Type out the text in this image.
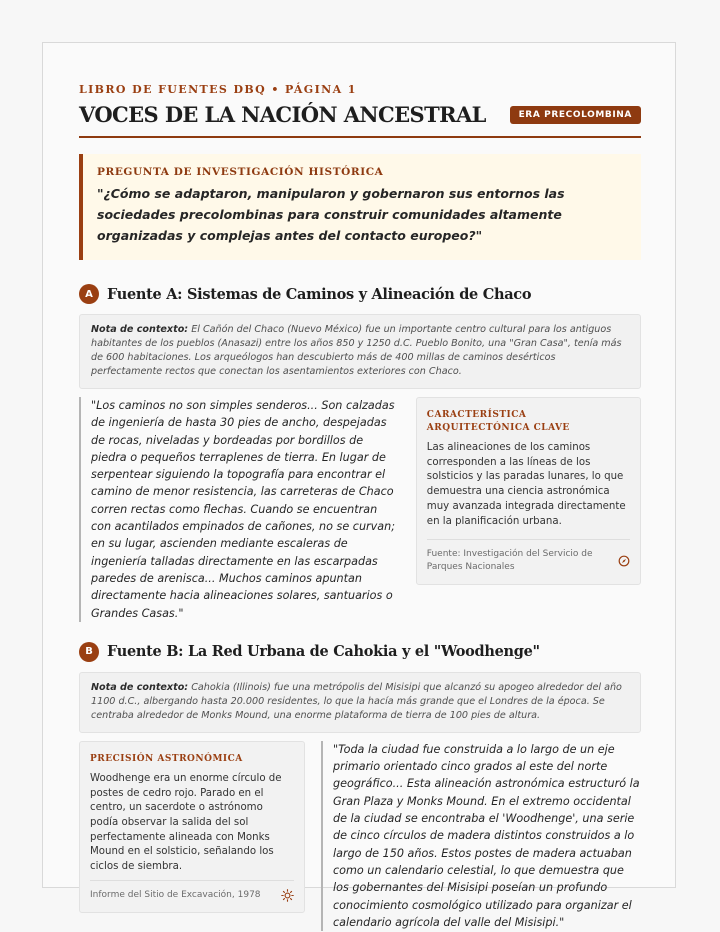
LIBRO DE FUENTES DBQ • PÁGINA 1
VOCES DE LA NACIÓN ANCESTRAL	ERA PRECOLOMBINA
PREGUNTA DE INVESTIGACIÓN HISTÓRICA
"¿Cómo se adaptaron, manipularon y gobernaron sus entornos las sociedades precolombinas para construir comunidades altamente organizadas y complejas antes del contacto europeo?"
A Fuente A: Sistemas de Caminos y Alineación de Chaco
Nota de contexto: El Cañón del Chaco (Nuevo México) fue un importante centro cultural para los antiguos habitantes de los pueblos (Anasazi) entre los años 850 y 1250 d.C. Pueblo Bonito, una "Gran Casa", tenía más de 600 habitaciones. Los arqueólogos han descubierto más de 400 millas de caminos desérticos perfectamente rectos que conectan los asentamientos exteriores con Chaco.
"Los caminos no son simples senderos... Son calzadas de ingeniería de hasta 30 pies de ancho, despejadas de rocas, niveladas y bordeadas por bordillos de piedra o pequeños terraplenes de tierra. En lugar de serpentear siguiendo la topografía para encontrar el camino de menor resistencia, las carreteras de Chaco corren rectas como flechas. Cuando se encuentran con acantilados empinados de cañones, no se curvan; en su lugar, ascienden mediante escaleras de ingeniería talladas directamente en las escarpadas paredes de arenisca... Muchos caminos apuntan directamente hacia alineaciones solares, santuarios o Grandes Casas."
CARACTERÍSTICA ARQUITECTÓNICA CLAVE
Las alineaciones de los caminos corresponden a las líneas de los solsticios y las paradas lunares, lo que demuestra una ciencia astronómica muy avanzada integrada directamente en la planificación urbana.
Fuente: Investigación del Servicio de Parques Nacionales
B Fuente B: La Red Urbana de Cahokia y el "Woodhenge"
Nota de contexto: Cahokia (Illinois) fue una metrópolis del Misisipi que alcanzó su apogeo alrededor del año 1100 d.C., albergando hasta 20.000 residentes, lo que la hacía más grande que el Londres de la época. Se centraba alrededor de Monks Mound, una enorme plataforma de tierra de 100 pies de altura.
PRECISIÓN ASTRONÓMICA
Woodhenge era un enorme círculo de postes de cedro rojo. Parado en el centro, un sacerdote o astrónomo podía observar la salida del sol perfectamente alineada con Monks Mound en el solsticio, señalando los ciclos de siembra.
Informe del Sitio de Excavación, 1978
"Toda la ciudad fue construida a lo largo de un eje primario orientado cinco grados al este del norte geográfico... Esta alineación astronómica estructuró la Gran Plaza y Monks Mound. En el extremo occidental de la ciudad se encontraba el 'Woodhenge', una serie de cinco círculos de madera distintos construidos a lo largo de 150 años. Estos postes de madera actuaban como un calendario celestial, lo que demuestra que los gobernantes del Misisipi poseían un profundo conocimiento cosmológico utilizado para organizar el calendario agrícola del valle del Misisipi."
